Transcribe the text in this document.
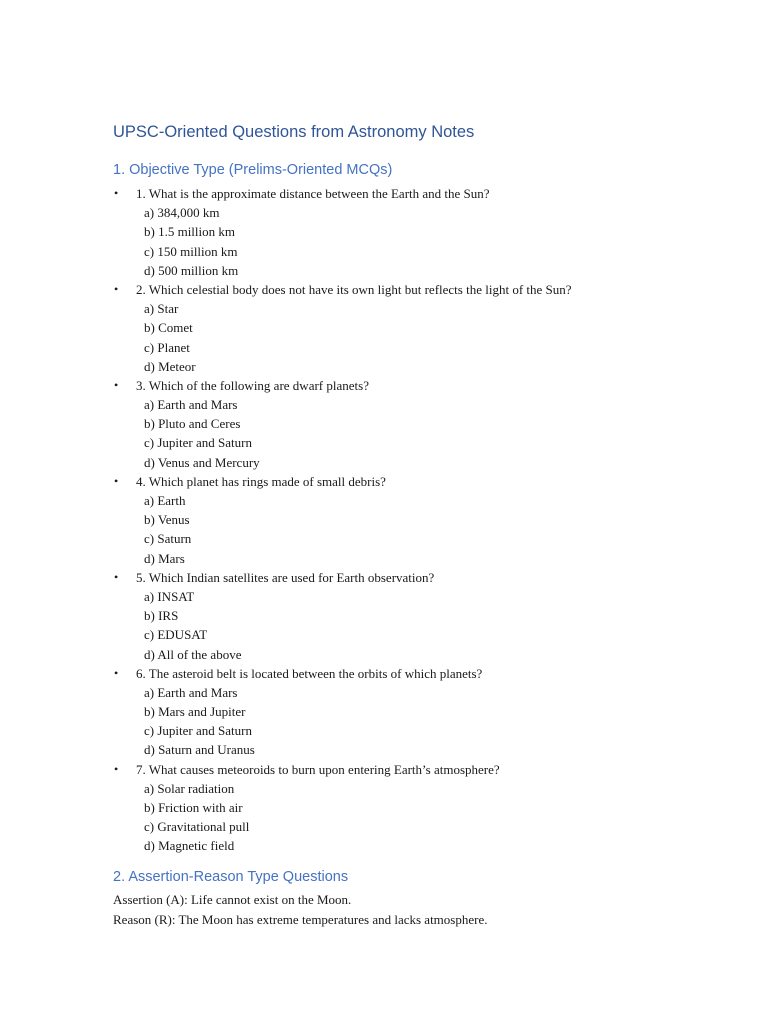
UPSC-Oriented Questions from Astronomy Notes
1. Objective Type (Prelims-Oriented MCQs)
•	1. What is the approximate distance between the Earth and the Sun?
a) 384,000 km
b) 1.5 million km
c) 150 million km
d) 500 million km
•	2. Which celestial body does not have its own light but reflects the light of the Sun?
a) Star
b) Comet
c) Planet
d) Meteor
•	3. Which of the following are dwarf planets?
a) Earth and Mars
b) Pluto and Ceres
c) Jupiter and Saturn
d) Venus and Mercury
•	4. Which planet has rings made of small debris?
a) Earth
b) Venus
c) Saturn
d) Mars
•	5. Which Indian satellites are used for Earth observation?
a) INSAT
b) IRS
c) EDUSAT
d) All of the above
•	6. The asteroid belt is located between the orbits of which planets?
a) Earth and Mars
b) Mars and Jupiter
c) Jupiter and Saturn
d) Saturn and Uranus
•	7. What causes meteoroids to burn upon entering Earth’s atmosphere?
a) Solar radiation
b) Friction with air
c) Gravitational pull
d) Magnetic field
2. Assertion-Reason Type Questions
Assertion (A): Life cannot exist on the Moon.
Reason (R): The Moon has extreme temperatures and lacks atmosphere.
